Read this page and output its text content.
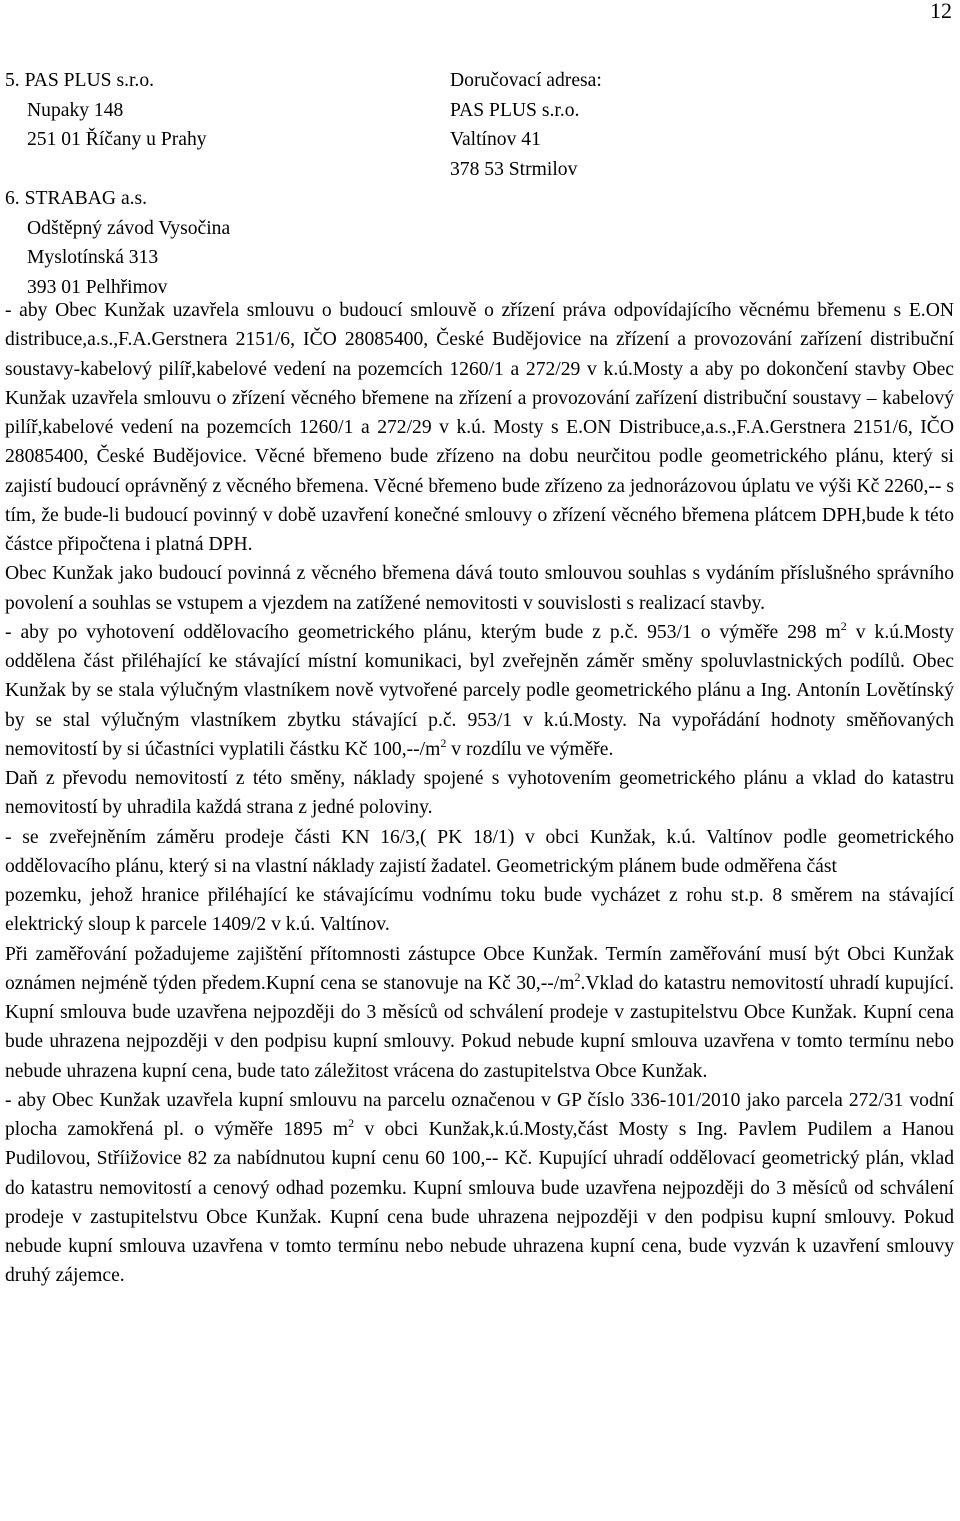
12
5. PAS PLUS s.r.o.	Doručovací adresa:
Nupaky 148	PAS PLUS s.r.o.
251 01 Říčany u Prahy	Valtínov 41
378 53 Strmilov
6. STRABAG a.s.
Odštěpný závod Vysočina
Myslotínská 313
393 01 Pelhřimov

- aby Obec Kunžak uzavřela smlouvu o budoucí smlouvě o zřízení práva odpovídajícího věcnému břemenu s E.ON distribuce,a.s.,F.A.Gerstnera 2151/6, IČO 28085400, České Budějovice na zřízení a provozování zařízení distribuční soustavy-kabelový pilíř,kabelové vedení na pozemcích 1260/1 a 272/29 v k.ú.Mosty a aby po dokončení stavby Obec Kunžak uzavřela smlouvu o zřízení věcného břemene na zřízení a provozování zařízení distribuční soustavy – kabelový pilíř,kabelové vedení na pozemcích 1260/1 a 272/29 v k.ú. Mosty s E.ON Distribuce,a.s.,F.A.Gerstnera 2151/6, IČO 28085400, České Budějovice. Věcné břemeno bude zřízeno na dobu neurčitou podle geometrického plánu, který si zajistí budoucí oprávněný z věcného břemena. Věcné břemeno bude zřízeno za jednorázovou úplatu ve výši Kč 2260,-- s tím, že bude-li budoucí povinný v době uzavření konečné smlouvy o zřízení věcného břemena plátcem DPH,bude k této částce připočtena i platná DPH.

Obec Kunžak jako budoucí povinná z věcného břemena dává touto smlouvou souhlas s vydáním příslušného správního povolení a souhlas se vstupem a vjezdem na zatížené nemovitosti v souvislosti s realizací stavby.

- aby po vyhotovení oddělovacího geometrického plánu, kterým bude z p.č. 953/1 o výměře 298 $m^2$ v k.ú.Mosty oddělena část přiléhající ke stávající místní komunikaci, byl zveřejněn záměr směny spoluvlastnických podílů. Obec Kunžak by se stala výlučným vlastníkem nově vytvořené parcely podle geometrického plánu a Ing. Antonín Lovětínský by se stal výlučným vlastníkem zbytku stávající p.č. 953/1 v k.ú.Mosty. Na vypořádání hodnoty směňovaných nemovitostí by si účastníci vyplatili částku Kč $100,--/m^2$ v rozdílu ve výměře.

Daň z převodu nemovitostí z této směny, náklady spojené s vyhotovením geometrického plánu a vklad do katastru nemovitostí by uhradila každá strana z jedné poloviny.

- se zveřejněním záměru prodeje části KN 16/3,( PK 18/1) v obci Kunžak, k.ú. Valtínov podle geometrického oddělovacího plánu, který si na vlastní náklady zajistí žadatel. Geometrickým plánem bude odměřena část

pozemku, jehož hranice přiléhající ke stávajícímu vodnímu toku bude vycházet z rohu st.p. 8 směrem na stávající elektrický sloup k parcele 1409/2 v k.ú. Valtínov.

Při zaměřování požadujeme zajištění přítomnosti zástupce Obce Kunžak. Termín zaměřování musí být Obci Kunžak oznámen nejméně týden předem.Kupní cena se stanovuje na Kč $30,--/m^2.Vklad$ do katastru nemovitostí uhradí kupující. Kupní smlouva bude uzavřena nejpozději do 3 měsíců od schválení prodeje v zastupitelstvu Obce Kunžak. Kupní cena bude uhrazena nejpozději v den podpisu kupní smlouvy. Pokud nebude kupní smlouva uzavřena v tomto termínu nebo nebude uhrazena kupní cena, bude tato záležitost vrácena do zastupitelstva Obce Kunžak.

- aby Obec Kunžak uzavřela kupní smlouvu na parcelu označenou v GP číslo 336-101/2010 jako parcela 272/31 vodní plocha zamokřená pl. o výměře 1895 $m^2$ v obci Kunžak,k.ú.Mosty,část Mosty s Ing. Pavlem Pudilem a Hanou Pudilovou, Stříižovice 82 za nabídnutou kupní cenu 60 100,-- Kč. Kupující uhradí oddělovací geometrický plán, vklad do katastru nemovitostí a cenový odhad pozemku. Kupní smlouva bude uzavřena nejpozději do 3 měsíců od schválení prodeje v zastupitelstvu Obce Kunžak. Kupní cena bude uhrazena nejpozději v den podpisu kupní smlouvy. Pokud nebude kupní smlouva uzavřena v tomto termínu nebo nebude uhrazena kupní cena, bude vyzván k uzavření smlouvy druhý zájemce.
